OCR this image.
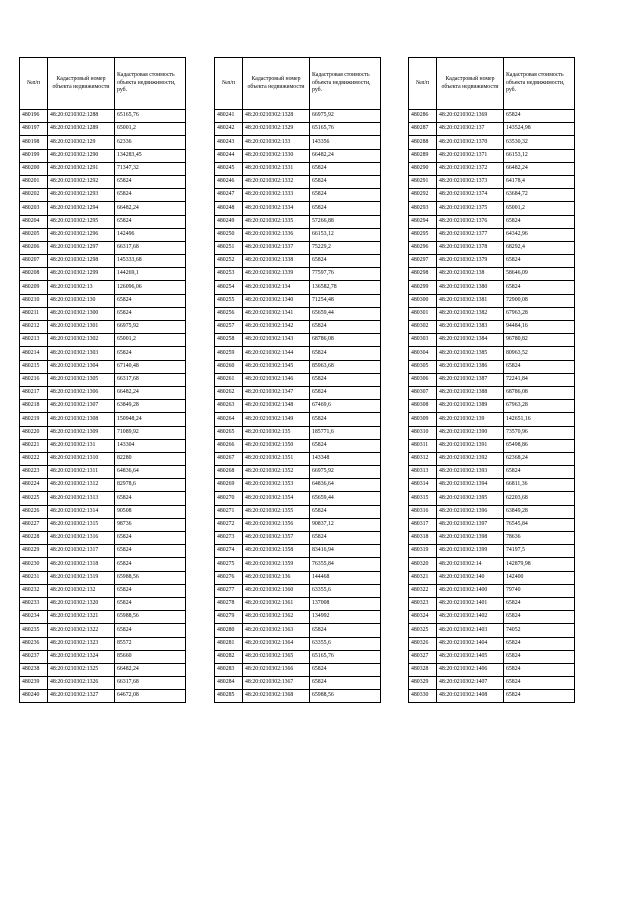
№п/п	Кадастровый номер объекта недвижимости	Кадастровая стоимость объекта недвижимости, руб.
480196	48:20:0210302:1288	65165,76
480197	48:20:0210302:1289	65001,2
480198	48:20:0210302:129	62336
480199	48:20:0210302:1290	134283,45
480200	48:20:0210302:1291	71347,32
480201	48:20:0210302:1292	65824
480202	48:20:0210302:1293	65824
480203	48:20:0210302:1294	66482,24
480204	48:20:0210302:1295	65824
480205	48:20:0210302:1296	142496
480206	48:20:0210302:1297	66317,68
480207	48:20:0210302:1298	145333,68
480208	48:20:0210302:1299	144269,1
480209	48:20:0210302:13	126096,06
480210	48:20:0210302:130	65824
480211	48:20:0210302:1300	65824
480212	48:20:0210302:1301	66975,92
480213	48:20:0210302:1302	65001,2
480214	48:20:0210302:1303	65824
480215	48:20:0210302:1304	67140,48
480216	48:20:0210302:1305	66317,68
480217	48:20:0210302:1306	66482,24
480218	48:20:0210302:1307	63849,28
480219	48:20:0210302:1308	150948,24
480220	48:20:0210302:1309	71089,92
480221	48:20:0210302:131	143304
480222	48:20:0210302:1310	82280
480223	48:20:0210302:1311	64836,64
480224	48:20:0210302:1312	82978,6
480225	48:20:0210302:1313	65824
480226	48:20:0210302:1314	90508
480227	48:20:0210302:1315	98736
480228	48:20:0210302:1316	65824
480229	48:20:0210302:1317	65824
480230	48:20:0210302:1318	65824
480231	48:20:0210302:1319	65988,56
480232	48:20:0210302:132	65824
480233	48:20:0210302:1320	65824
480234	48:20:0210302:1321	65988,56
480235	48:20:0210302:1322	65824
480236	48:20:0210302:1323	85572
480237	48:20:0210302:1324	85660
480238	48:20:0210302:1325	66482,24
480239	48:20:0210302:1326	66317,68
480240	48:20:0210302:1327	64672,08
№п/п	Кадастровый номер объекта недвижимости	Кадастровая стоимость объекта недвижимости, руб.
480241	48:20:0210302:1328	66975,92
480242	48:20:0210302:1329	65165,76
480243	48:20:0210302:133	143356
480244	48:20:0210302:1330	66482,24
480245	48:20:0210302:1331	65824
480246	48:20:0210302:1332	65824
480247	48:20:0210302:1333	65824
480248	48:20:0210302:1334	65824
480249	48:20:0210302:1335	57266,88
480250	48:20:0210302:1336	66153,12
480251	48:20:0210302:1337	75229,2
480252	48:20:0210302:1338	65824
480253	48:20:0210302:1339	77597,76
480254	48:20:0210302:134	136582,78
480255	48:20:0210302:1340	71254,48
480256	48:20:0210302:1341	65659,44
480257	48:20:0210302:1342	65824
480258	48:20:0210302:1343	68786,08
480259	48:20:0210302:1344	65824
480260	48:20:0210302:1345	85963,68
480261	48:20:0210302:1346	65824
480262	48:20:0210302:1347	65824
480263	48:20:0210302:1348	67469,6
480264	48:20:0210302:1349	65824
480265	48:20:0210302:135	185771,6
480266	48:20:0210302:1350	65824
480267	48:20:0210302:1351	143348
480268	48:20:0210302:1352	66975,92
480269	48:20:0210302:1353	64836,64
480270	48:20:0210302:1354	65659,44
480271	48:20:0210302:1355	65824
480272	48:20:0210302:1356	90837,12
480273	48:20:0210302:1357	65824
480274	48:20:0210302:1358	83416,94
480275	48:20:0210302:1359	76355,84
480276	48:20:0210302:136	144468
480277	48:20:0210302:1360	63355,6
480278	48:20:0210302:1361	137008
480279	48:20:0210302:1362	134992
480280	48:20:0210302:1363	65824
480281	48:20:0210302:1364	63355,6
480282	48:20:0210302:1365	65165,76
480283	48:20:0210302:1366	65824
480284	48:20:0210302:1367	65824
480285	48:20:0210302:1368	65988,56
№п/п	Кадастровый номер объекта недвижимости	Кадастровая стоимость объекта недвижимости, руб.
480286	48:20:0210302:1369	65824
480287	48:20:0210302:137	143524,98
480288	48:20:0210302:1370	63530,32
480289	48:20:0210302:1371	66153,12
480290	48:20:0210302:1372	66482,24
480291	48:20:0210302:1373	64178,4
480292	48:20:0210302:1374	63684,72
480293	48:20:0210302:1375	65001,2
480294	48:20:0210302:1376	65824
480295	48:20:0210302:1377	64342,96
480296	48:20:0210302:1378	68292,4
480297	48:20:0210302:1379	65824
480298	48:20:0210302:138	58646,09
480299	48:20:0210302:1380	65824
480300	48:20:0210302:1381	72900,08
480301	48:20:0210302:1382	67963,28
480302	48:20:0210302:1383	94484,16
480303	48:20:0210302:1384	96780,82
480304	48:20:0210302:1385	80963,52
480305	48:20:0210302:1386	65824
480306	48:20:0210302:1387	72241,84
480307	48:20:0210302:1388	68786,08
480308	48:20:0210302:1389	67963,28
480309	48:20:0210302:139	142651,16
480310	48:20:0210302:1390	73570,96
480311	48:20:0210302:1391	65498,86
480312	48:20:0210302:1392	62368,24
480313	48:20:0210302:1393	65824
480314	48:20:0210302:1394	66811,36
480315	48:20:0210302:1395	62203,68
480316	48:20:0210302:1396	63849,28
480317	48:20:0210302:1397	76545,84
480318	48:20:0210302:1398	78636
480319	48:20:0210302:1399	74197,5
480320	48:20:0210302:14	142879,98
480321	48:20:0210302:140	142400
480322	48:20:0210302:1400	79740
480323	48:20:0210302:1401	65824
480324	48:20:0210302:1402	65824
480325	48:20:0210302:1403	74052
480326	48:20:0210302:1404	65824
480327	48:20:0210302:1405	65824
480328	48:20:0210302:1406	65824
480329	48:20:0210302:1407	65824
480330	48:20:0210302:1408	65824
